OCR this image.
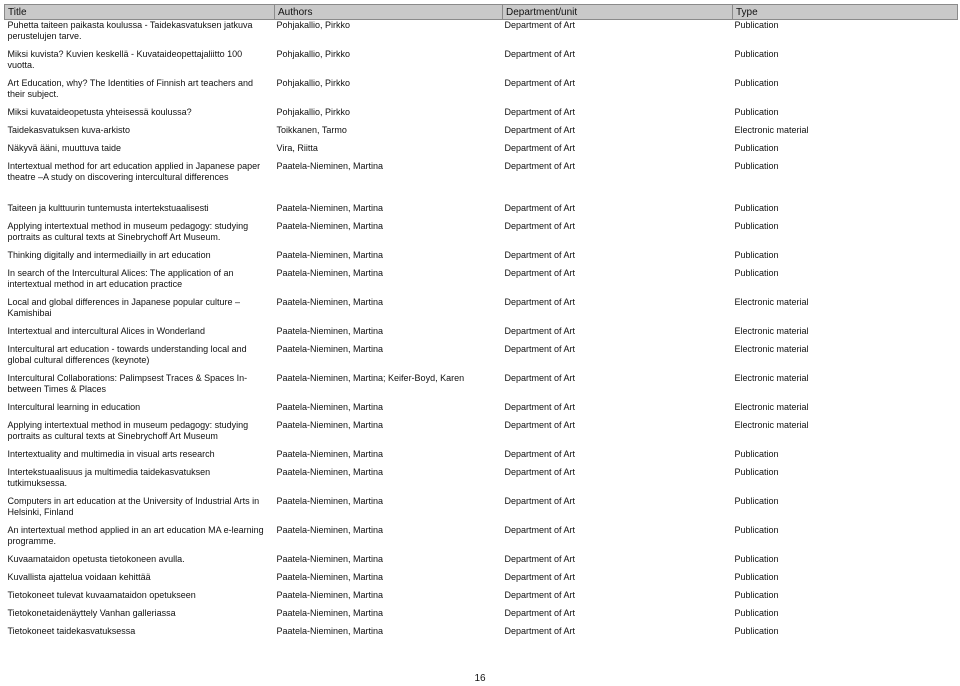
Title	Authors	Department/unit	Type
Puhetta taiteen paikasta koulussa - Taidekasvatuksen jatkuva perustelujen tarve.	Pohjakallio, Pirkko	Department of Art	Publication
Miksi kuvista? Kuvien keskellä - Kuvataideopettajaliitto 100 vuotta.	Pohjakallio, Pirkko	Department of Art	Publication
Art Education, why? The Identities of Finnish art teachers and their subject.	Pohjakallio, Pirkko	Department of Art	Publication
Miksi kuvataideopetusta yhteisessä koulussa?	Pohjakallio, Pirkko	Department of Art	Publication
Taidekasvatuksen kuva-arkisto	Toikkanen, Tarmo	Department of Art	Electronic material
Näkyvä ääni, muuttuva taide	Vira, Riitta	Department of Art	Publication
Intertextual method for art education applied in Japanese paper theatre –A study on discovering intercultural differences	Paatela-Nieminen, Martina	Department of Art	Publication
Taiteen ja kulttuurin tuntemusta intertekstuaalisesti	Paatela-Nieminen, Martina	Department of Art	Publication
Applying intertextual method in museum pedagogy: studying portraits as cultural texts at Sinebrychoff Art Museum.	Paatela-Nieminen, Martina	Department of Art	Publication
Thinking digitally and intermediailly in art education	Paatela-Nieminen, Martina	Department of Art	Publication
In search of the Intercultural Alices: The application of an intertextual method in art education practice	Paatela-Nieminen, Martina	Department of Art	Publication
Local and global differences in Japanese popular culture – Kamishibai	Paatela-Nieminen, Martina	Department of Art	Electronic material
Intertextual and intercultural Alices in Wonderland	Paatela-Nieminen, Martina	Department of Art	Electronic material
Intercultural art education - towards understanding local and global cultural differences (keynote)	Paatela-Nieminen, Martina	Department of Art	Electronic material
Intercultural Collaborations: Palimpsest Traces & Spaces In-between Times & Places	Paatela-Nieminen, Martina; Keifer-Boyd, Karen	Department of Art	Electronic material
Intercultural learning in education	Paatela-Nieminen, Martina	Department of Art	Electronic material
Applying intertextual method in museum pedagogy: studying portraits as cultural texts at Sinebrychoff Art Museum	Paatela-Nieminen, Martina	Department of Art	Electronic material
Intertextuality and multimedia in visual arts research	Paatela-Nieminen, Martina	Department of Art	Publication
Intertekstuaalisuus ja multimedia taidekasvatuksen tutkimuksessa.	Paatela-Nieminen, Martina	Department of Art	Publication
Computers in art education at the University of Industrial Arts in Helsinki, Finland	Paatela-Nieminen, Martina	Department of Art	Publication
An intertextual method applied in an art education MA e-learning programme.	Paatela-Nieminen, Martina	Department of Art	Publication
Kuvaamataidon opetusta tietokoneen avulla.	Paatela-Nieminen, Martina	Department of Art	Publication
Kuvallista ajattelua voidaan kehittää	Paatela-Nieminen, Martina	Department of Art	Publication
Tietokoneet tulevat kuvaamataidon opetukseen	Paatela-Nieminen, Martina	Department of Art	Publication
Tietokonetaidenäyttely Vanhan galleriassa	Paatela-Nieminen, Martina	Department of Art	Publication
Tietokoneet taidekasvatuksessa	Paatela-Nieminen, Martina	Department of Art	Publication
16
